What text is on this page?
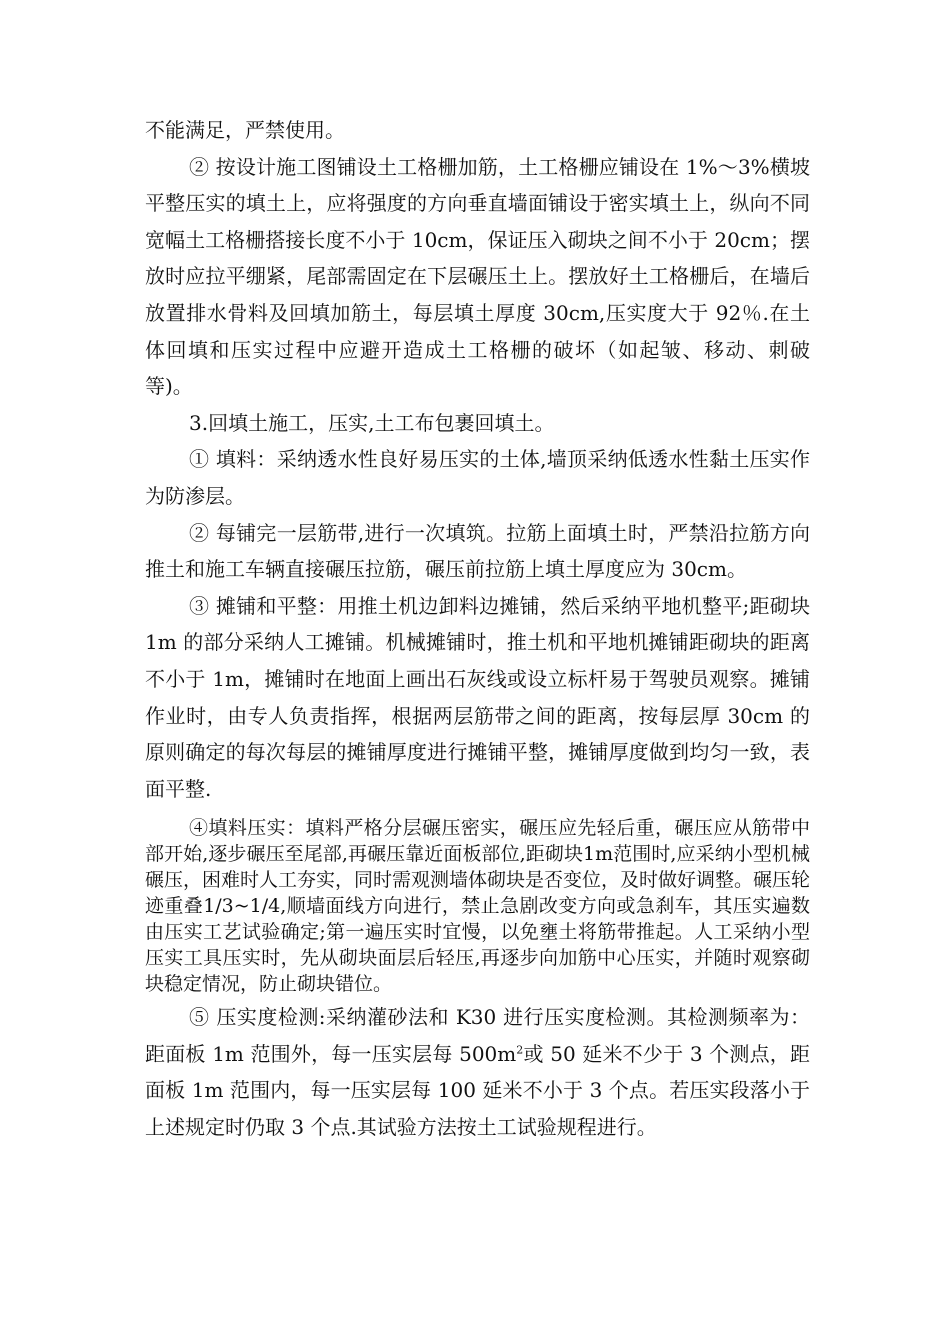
不能满足，严禁使用。

② 按设计施工图铺设土工格栅加筋，土工格栅应铺设在 1%～3%横坡平整压实的填土上，应将强度的方向垂直墙面铺设于密实填土上，纵向不同宽幅土工格栅搭接长度不小于 10cm，保证压入砌块之间不小于 20cm；摆放时应拉平绷紧，尾部需固定在下层碾压土上。摆放好土工格栅后，在墙后放置排水骨料及回填加筋土，每层填土厚度 30cm,压实度大于 92％.在土体回填和压实过程中应避开造成土工格栅的破坏（如起皱、移动、刺破等)。

3.回填土施工，压实,土工布包裹回填土。

① 填料：采纳透水性良好易压实的土体,墙顶采纳低透水性黏土压实作为防渗层。

② 每铺完一层筋带,进行一次填筑。拉筋上面填土时，严禁沿拉筋方向推土和施工车辆直接碾压拉筋，碾压前拉筋上填土厚度应为 30cm。

③ 摊铺和平整：用推土机边卸料边摊铺，然后采纳平地机整平;距砌块 1m 的部分采纳人工摊铺。机械摊铺时，推土机和平地机摊铺距砌块的距离不小于 1m，摊铺时在地面上画出石灰线或设立标杆易于驾驶员观察。摊铺作业时，由专人负责指挥，根据两层筋带之间的距离，按每层厚 30cm 的原则确定的每次每层的摊铺厚度进行摊铺平整，摊铺厚度做到均匀一致，表面平整.

④填料压实：填料严格分层碾压密实，碾压应先轻后重，碾压应从筋带中部开始,逐步碾压至尾部,再碾压靠近面板部位,距砌块1m范围时,应采纳小型机械碾压，困难时人工夯实，同时需观测墙体砌块是否变位，及时做好调整。碾压轮迹重叠1/3~1/4,顺墙面线方向进行，禁止急剧改变方向或急刹车，其压实遍数由压实工艺试验确定;第一遍压实时宜慢，以免壅土将筋带推起。人工采纳小型压实工具压实时，先从砌块面层后轻压,再逐步向加筋中心压实，并随时观察砌块稳定情况，防止砌块错位。

⑤ 压实度检测:采纳灌砂法和 K30 进行压实度检测。其检测频率为：距面板 1m 范围外，每一压实层每 $500m^2$或 50 延米不少于 3 个测点，距面板 1m 范围内，每一压实层每 100 延米不小于 3 个点。若压实段落小于上述规定时仍取 3 个点.其试验方法按土工试验规程进行。
